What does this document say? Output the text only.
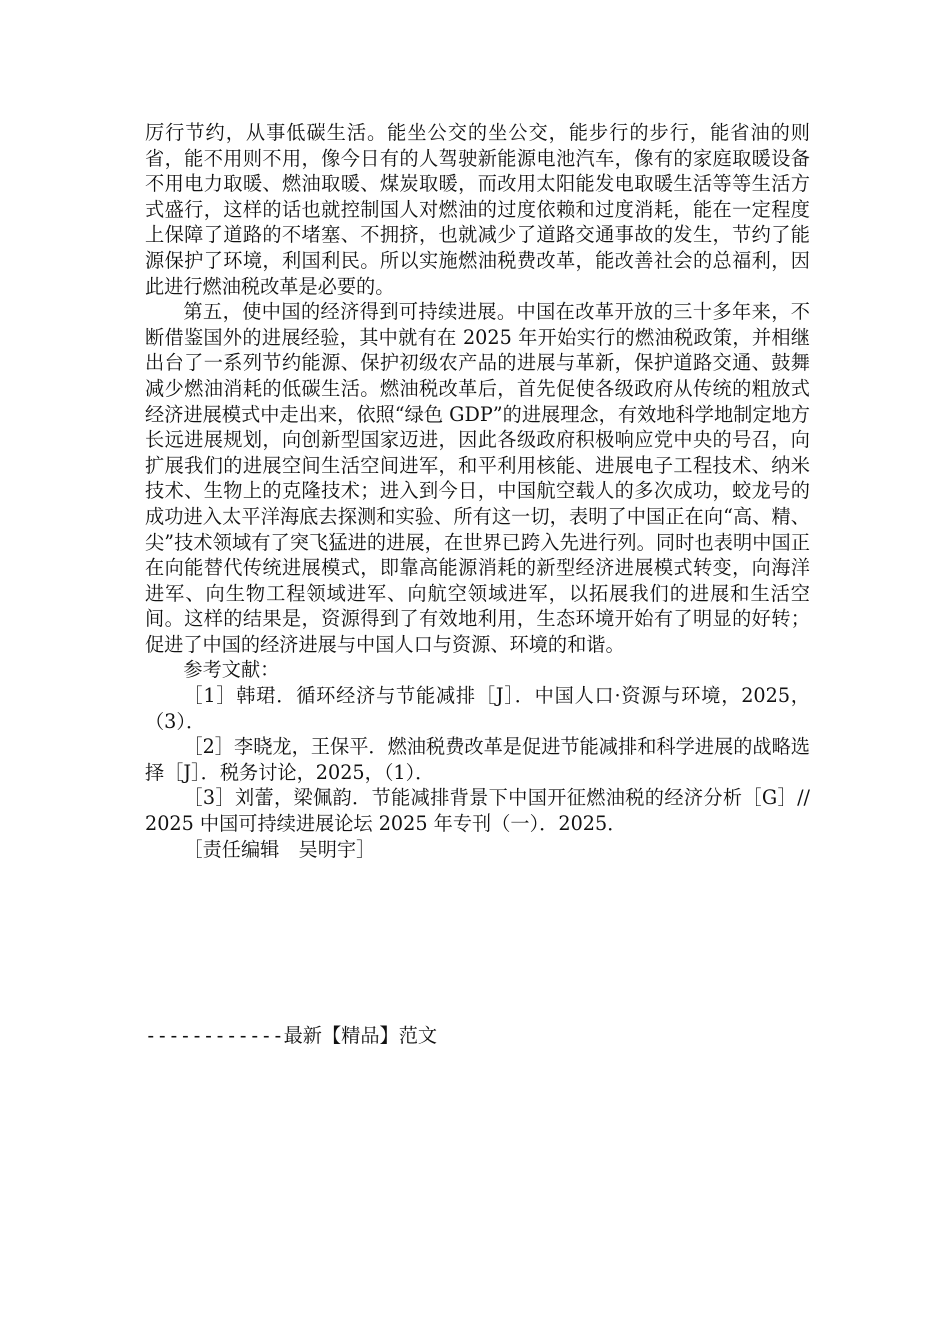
厉行节约，从事低碳生活。能坐公交的坐公交，能步行的步行，能省油的则省，能不用则不用，像今日有的人驾驶新能源电池汽车，像有的家庭取暖设备不用电力取暖、燃油取暖、煤炭取暖，而改用太阳能发电取暖生活等等生活方式盛行，这样的话也就控制国人对燃油的过度依赖和过度消耗，能在一定程度上保障了道路的不堵塞、不拥挤，也就减少了道路交通事故的发生，节约了能源保护了环境，利国利民。所以实施燃油税费改革，能改善社会的总福利，因此进行燃油税改革是必要的。

第五，使中国的经济得到可持续进展。中国在改革开放的三十多年来，不断借鉴国外的进展经验，其中就有在 2025 年开始实行的燃油税政策，并相继出台了一系列节约能源、保护初级农产品的进展与革新，保护道路交通、鼓舞减少燃油消耗的低碳生活。燃油税改革后，首先促使各级政府从传统的粗放式经济进展模式中走出来，依照“绿色 GDP”的进展理念，有效地科学地制定地方长远进展规划，向创新型国家迈进，因此各级政府积极响应党中央的号召，向扩展我们的进展空间生活空间进军，和平利用核能、进展电子工程技术、纳米技术、生物上的克隆技术；进入到今日，中国航空载人的多次成功，蛟龙号的成功进入太平洋海底去探测和实验、所有这一切，表明了中国正在向“高、精、尖”技术领域有了突飞猛进的进展，在世界已跨入先进行列。同时也表明中国正在向能替代传统进展模式，即靠高能源消耗的新型经济进展模式转变，向海洋进军、向生物工程领域进军、向航空领域进军，以拓展我们的进展和生活空间。这样的结果是，资源得到了有效地利用，生态环境开始有了明显的好转；促进了中国的经济进展与中国人口与资源、环境的和谐。

参考文献：

［1］韩珺．循环经济与节能减排［J］．中国人口·资源与环境，2025，（3）．

［2］李晓龙，王保平．燃油税费改革是促进节能减排和科学进展的战略选择［J］．税务讨论，2025，（1）．

［3］刘蕾，梁佩韵．节能减排背景下中国开征燃油税的经济分析［G］//2025 中国可持续进展论坛 2025 年专刊（一）．2025．

［责任编辑　吴明宇］

------------最新【精品】范文
